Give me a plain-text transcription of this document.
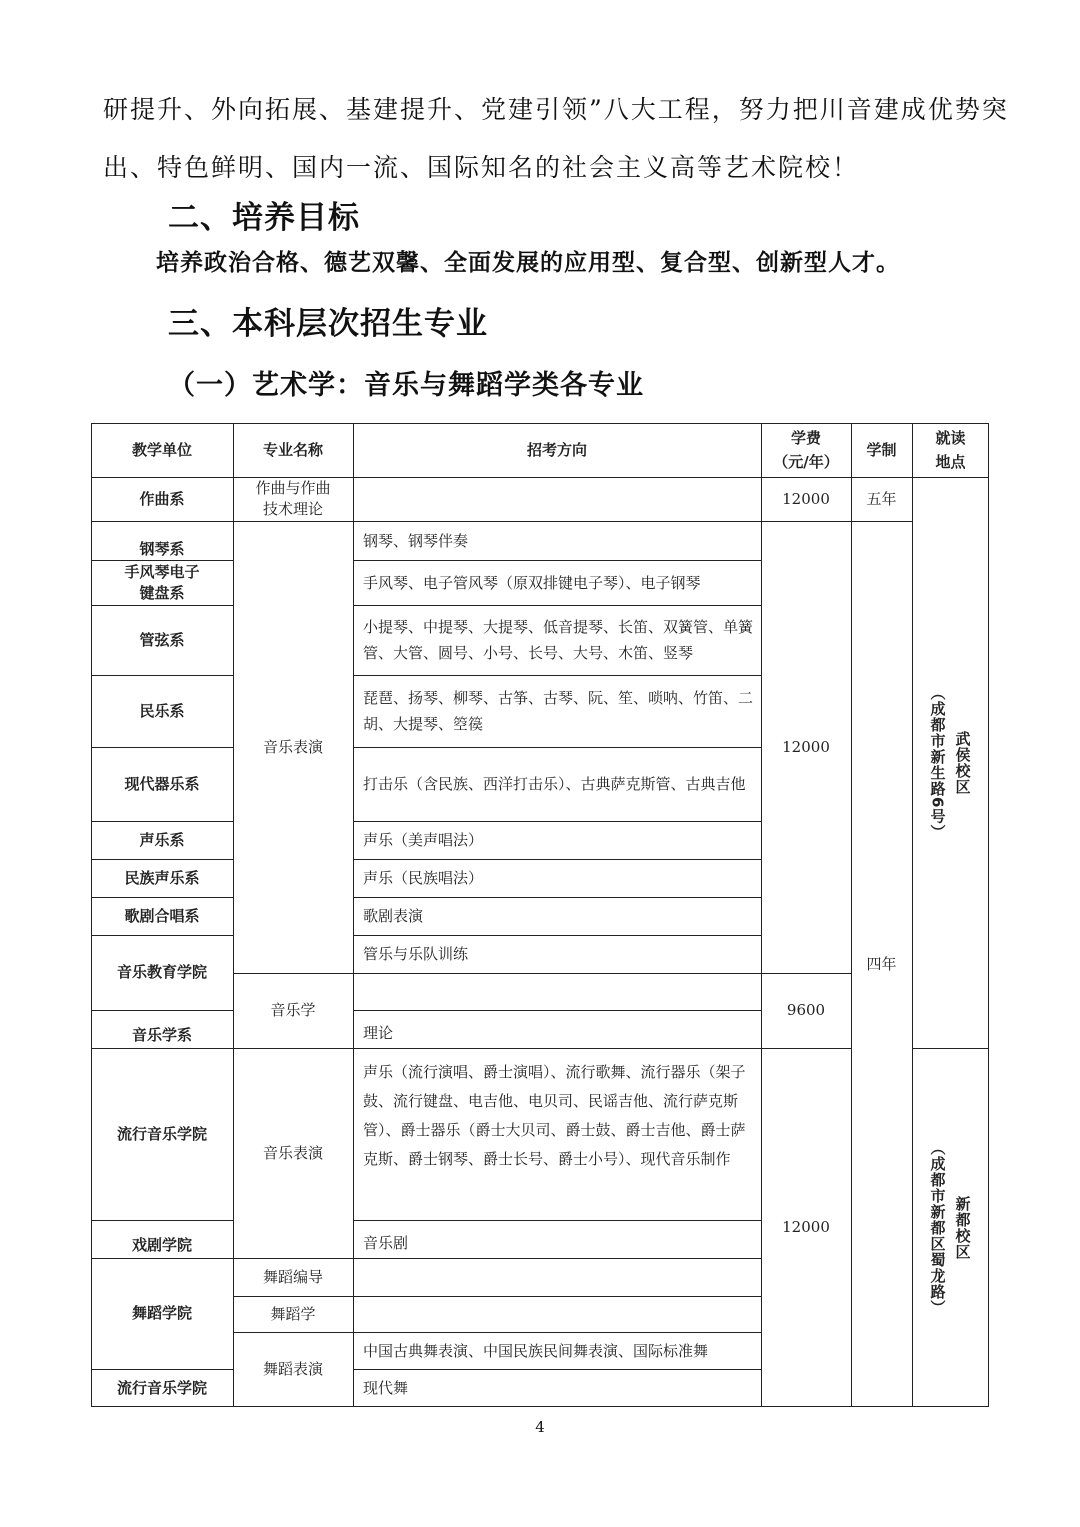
研提升、外向拓展、基建提升、党建引领”八大工程，努力把川音建成优势突
出、特色鲜明、国内一流、国际知名的社会主义高等艺术院校！
二、培养目标
培养政治合格、德艺双馨、全面发展的应用型、复合型、创新型人才。
三、本科层次招生专业
（一）艺术学：音乐与舞蹈学类各专业
教学单位	专业名称	招考方向
学费
（元/年）
学制
就读
地点
作曲系
钢琴系
手风琴电子
键盘系
管弦系
民乐系
现代器乐系
声乐系
民族声乐系
歌剧合唱系
音乐教育学院
音乐学系
流行音乐学院
戏剧学院
舞蹈学院
流行音乐学院
作曲与作曲
技术理论
音乐表演
音乐学
音乐表演
舞蹈编导
舞蹈学
舞蹈表演
钢琴、钢琴伴奏
手风琴、电子管风琴（原双排键电子琴）、电子钢琴
小提琴、中提琴、大提琴、低音提琴、长笛、双簧管、单簧管、大管、圆号、小号、长号、大号、木笛、竖琴
琵琶、扬琴、柳琴、古筝、古琴、阮、笙、唢呐、竹笛、二胡、大提琴、箜篌
打击乐（含民族、西洋打击乐）、古典萨克斯管、古典吉他
声乐（美声唱法）
声乐（民族唱法）
歌剧表演
管乐与乐队训练
理论
声乐（流行演唱、爵士演唱）、流行歌舞、流行器乐（架子鼓、流行键盘、电吉他、电贝司、民谣吉他、流行萨克斯管）、爵士器乐（爵士大贝司、爵士鼓、爵士吉他、爵士萨克斯、爵士钢琴、爵士长号、爵士小号）、现代音乐制作
音乐剧
中国古典舞表演、中国民族民间舞表演、国际标准舞
现代舞
12000
12000
9600
12000
五年
四年
武侯校区
（成都市新生路6号）
新都校区
（成都市新都区蜀龙路）
4
